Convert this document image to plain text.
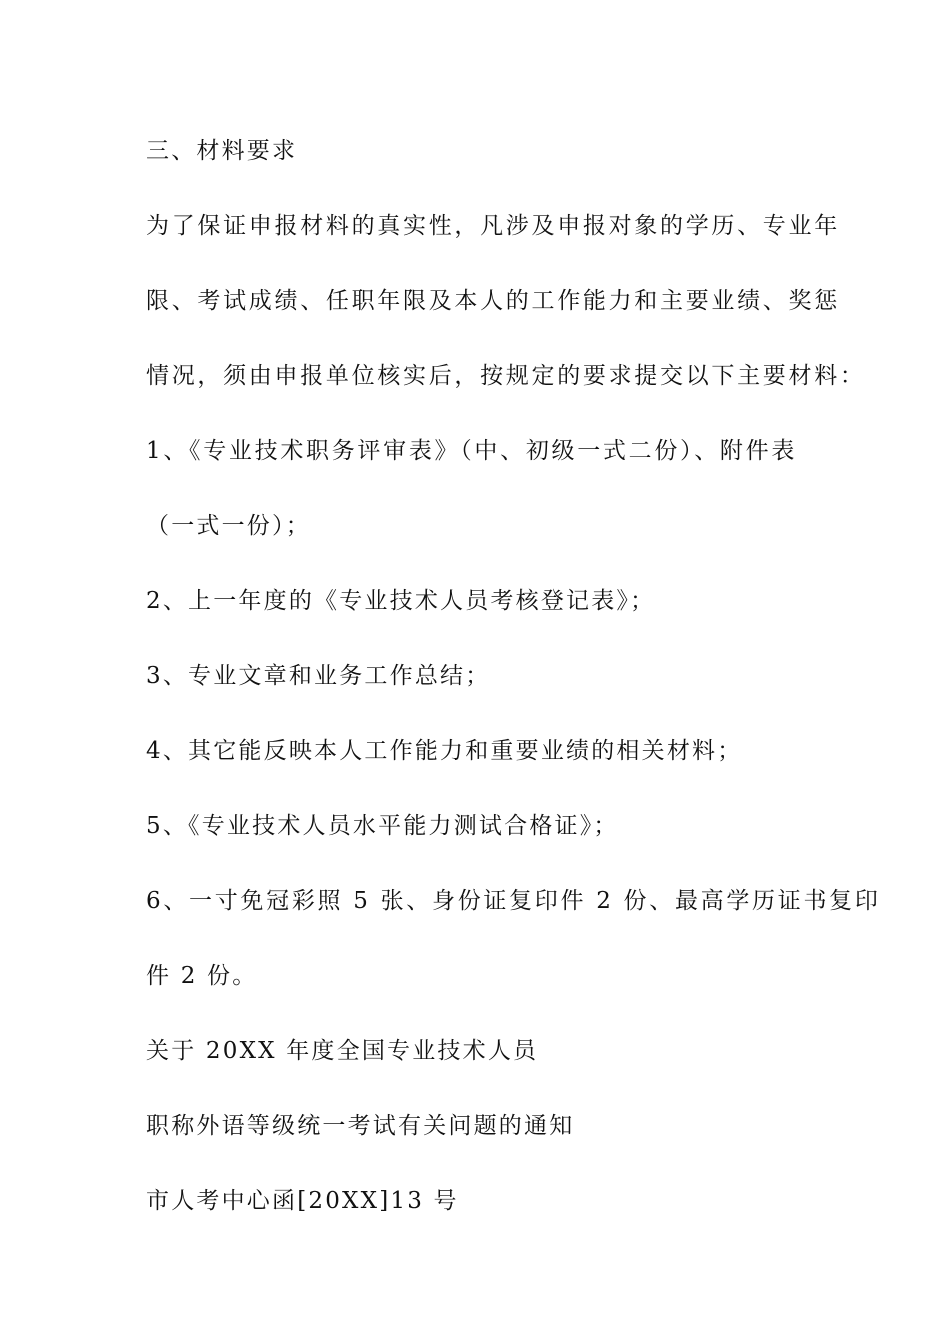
三、材料要求
为了保证申报材料的真实性，凡涉及申报对象的学历、专业年
限、考试成绩、任职年限及本人的工作能力和主要业绩、奖惩
情况，须由申报单位核实后，按规定的要求提交以下主要材料：
1、《专业技术职务评审表》（中、初级一式二份）、附件表
（一式一份）；
2、上一年度的《专业技术人员考核登记表》；
3、专业文章和业务工作总结；
4、其它能反映本人工作能力和重要业绩的相关材料；
5、《专业技术人员水平能力测试合格证》；
6、一寸免冠彩照 5 张、身份证复印件 2 份、最高学历证书复印
件 2 份。
关于 20XX 年度全国专业技术人员
职称外语等级统一考试有关问题的通知
市人考中心函[20XX]13 号
